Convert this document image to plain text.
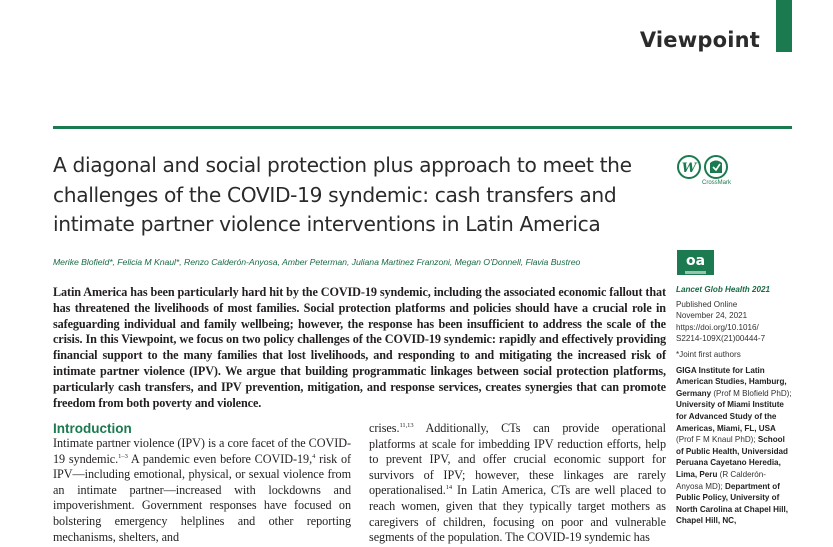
Viewpoint
A diagonal and social protection plus approach to meet the challenges of the COVID-19 syndemic: cash transfers and intimate partner violence interventions in Latin America
W
CrossMark
Merike Blofield*, Felicia M Knaul*, Renzo Calderón-Anyosa, Amber Peterman, Juliana Martinez Franzoni, Megan O'Donnell, Flavia Bustreo	oa
Latin America has been particularly hard hit by the COVID-19 syndemic, including the associated economic fallout that has threatened the livelihoods of most families. Social protection platforms and policies should have a crucial role in safeguarding individual and family wellbeing; however, the response has been insufficient to address the scale of the crisis. In this Viewpoint, we focus on two policy challenges of the COVID-19 syndemic: rapidly and effectively providing financial support to the many families that lost livelihoods, and responding to and mitigating the increased risk of intimate partner violence (IPV). We argue that building programmatic linkages between social protection platforms, particularly cash transfers, and IPV prevention, mitigation, and response services, creates synergies that can promote freedom from both poverty and violence.
Introduction
Intimate partner violence (IPV) is a core facet of the COVID-19 syndemic.$^{1-3}$ A pandemic even before COVID-19,$^4$ risk of IPV—including emotional, physical, or sexual violence from an intimate partner—increased with lockdowns and impoverishment. Government responses have focused on bolstering emergency helplines and other reporting mechanisms, shelters, and
crises.$^{11,13}$ Additionally, CTs can provide operational platforms at scale for imbedding IPV reduction efforts, help to prevent IPV, and offer crucial economic support for survivors of IPV; however, these linkages are rarely operationalised.$^{14}$ In Latin America, CTs are well placed to reach women, given that they typically target mothers as caregivers of children, focusing on poor and vulnerable segments of the population. The COVID-19 syndemic has
Lancet Glob Health 2021
Published Online
November 24, 2021
https://doi.org/10.1016/
S2214-109X(21)00444-7
*Joint first authors
GIGA Institute for Latin American Studies, Hamburg, Germany (Prof M Blofield PhD); University of Miami Institute for Advanced Study of the Americas, Miami, FL, USA (Prof F M Knaul PhD); School of Public Health, Universidad Peruana Cayetano Heredia, Lima, Peru (R Calderón-Anyosa MD); Department of Public Policy, University of North Carolina at Chapel Hill, Chapel Hill, NC,
